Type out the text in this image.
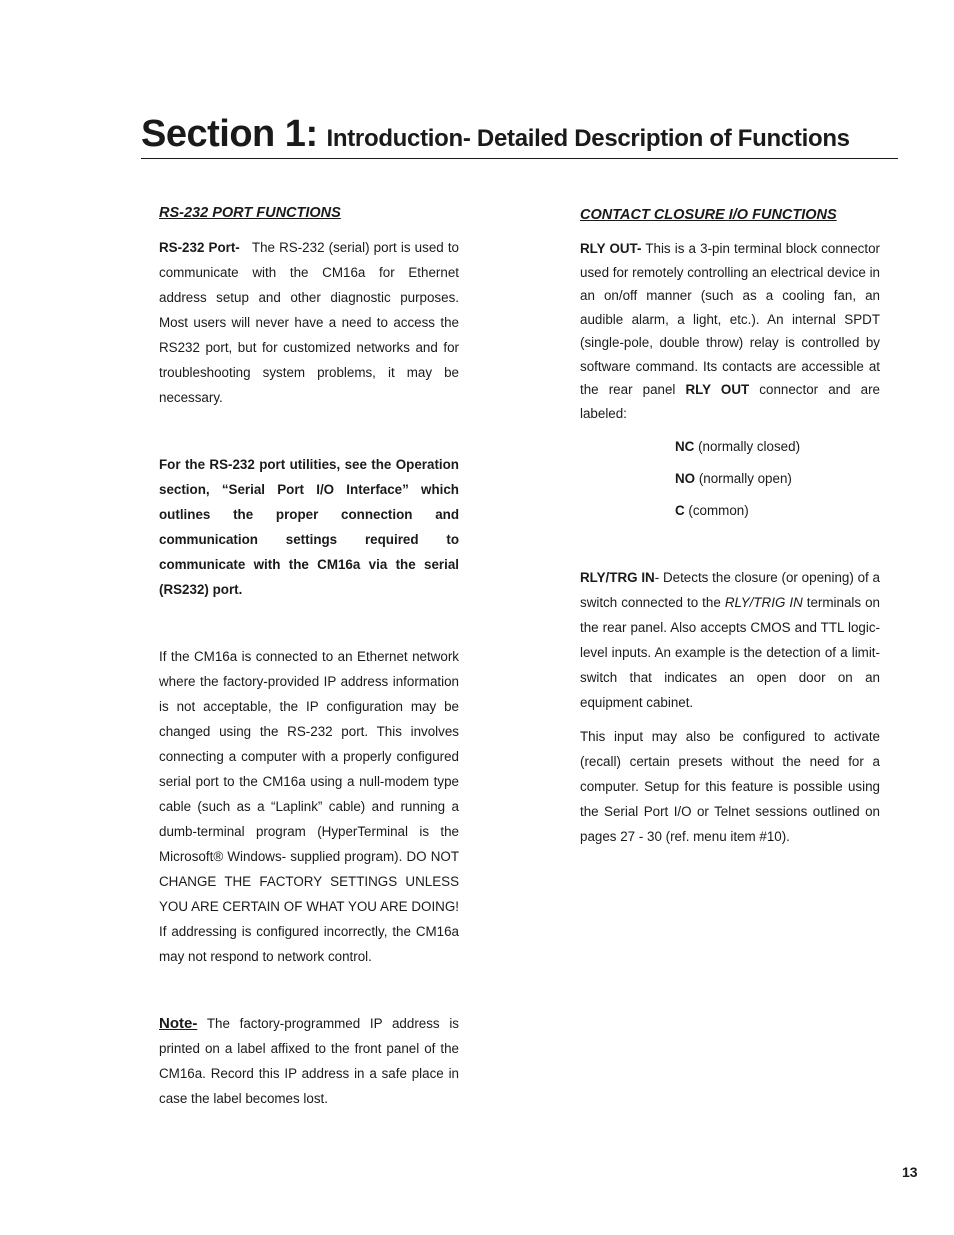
Section 1: Introduction- Detailed Description of Functions
RS-232 PORT FUNCTIONS

RS-232 Port- The RS-232 (serial) port is used to communicate with the CM16a for Ethernet address setup and other diagnostic purposes. Most users will never have a need to access the RS232 port, but for customized networks and for troubleshooting system problems, it may be necessary.

For the RS-232 port utilities, see the Operation section, “Serial Port I/O Interface” which outlines the proper connection and communication settings required to communicate with the CM16a via the serial (RS232) port.

If the CM16a is connected to an Ethernet network where the factory-provided IP address information is not acceptable, the IP configuration may be changed using the RS-232 port. This involves connecting a computer with a properly configured serial port to the CM16a using a null-modem type cable (such as a “Laplink” cable) and running a dumb-terminal program (HyperTerminal is the Microsoft® Windows- supplied program). DO NOT CHANGE THE FACTORY SETTINGS UNLESS YOU ARE CERTAIN OF WHAT YOU ARE DOING! If addressing is configured incorrectly, the CM16a may not respond to network control.

Note- The factory-programmed IP address is printed on a label affixed to the front panel of the CM16a. Record this IP address in a safe place in case the label becomes lost.

CONTACT CLOSURE I/O FUNCTIONS

RLY OUT- This is a 3-pin terminal block connector used for remotely controlling an electrical device in an on/off manner (such as a cooling fan, an audible alarm, a light, etc.). An internal SPDT (single-pole, double throw) relay is controlled by software command. Its contacts are accessible at the rear panel RLY OUT connector and are labeled:

NC (normally closed)
NO (normally open)
C (common)

RLY/TRG IN- Detects the closure (or opening) of a switch connected to the RLY/TRIG IN terminals on the rear panel. Also accepts CMOS and TTL logic-level inputs. An example is the detection of a limit-switch that indicates an open door on an equipment cabinet.

This input may also be configured to activate (recall) certain presets without the need for a computer. Setup for this feature is possible using the Serial Port I/O or Telnet sessions outlined on pages 27 - 30 (ref. menu item #10).

13
